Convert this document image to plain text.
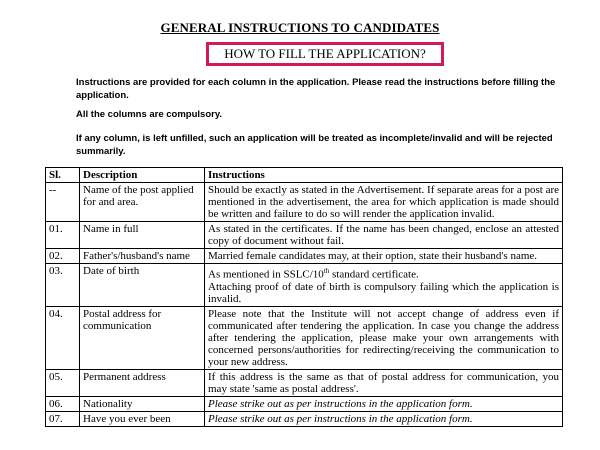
GENERAL INSTRUCTIONS TO CANDIDATES
HOW TO FILL THE APPLICATION?
Instructions are provided for each column in the application. Please read the instructions before filling the application.
All the columns are compulsory.
If any column, is left unfilled, such an application will be treated as incomplete/invalid and will be rejected summarily.
Sl.	Description	Instructions
--	Name of the post applied for and area.	Should be exactly as stated in the Advertisement. If separate areas for a post are mentioned in the advertisement, the area for which application is made should be written and failure to do so will render the application invalid.
01.	Name in full	As stated in the certificates. If the name has been changed, enclose an attested copy of document without fail.
02.	Father's/husband's name	Married female candidates may, at their option, state their husband's name.
03.	Date of birth	As mentioned in SSLC/10th standard certificate.
Attaching proof of date of birth is compulsory failing which the application is invalid.
04.	Postal address for communication	Please note that the Institute will not accept change of address even if communicated after tendering the application. In case you change the address after tendering the application, please make your own arrangements with concerned persons/authorities for redirecting/receiving the communication to your new address.
05.	Permanent address	If this address is the same as that of postal address for communication, you may state 'same as postal address'.
06.	Nationality	Please strike out as per instructions in the application form.
07.	Have you ever been	Please strike out as per instructions in the application form.
